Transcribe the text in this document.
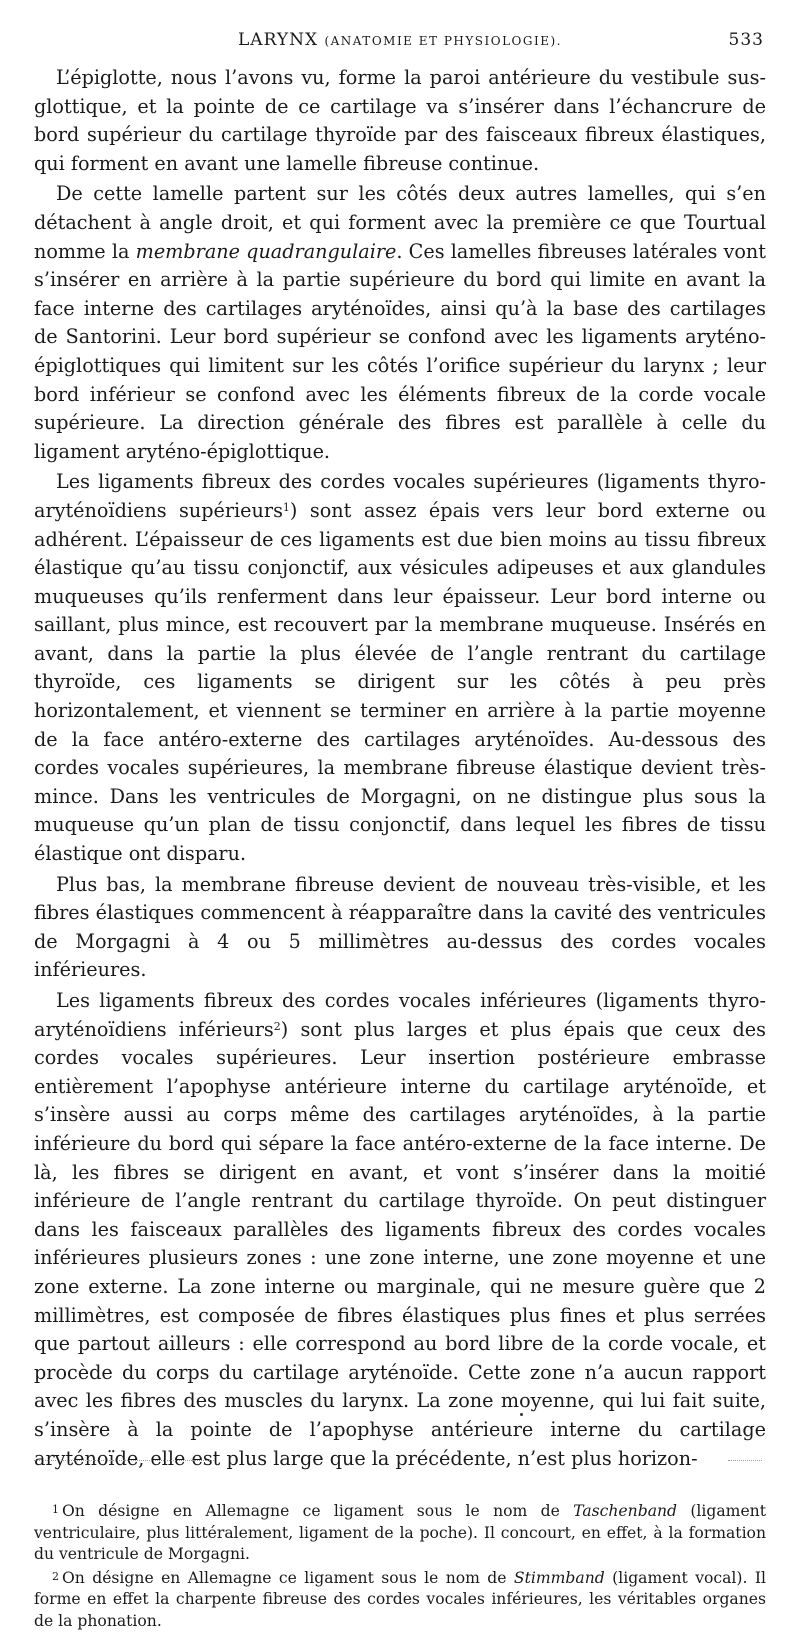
LARYNX (ANATOMIE ET PHYSIOLOGIE).	533

L’épiglotte, nous l’avons vu, forme la paroi antérieure du vestibule sus-glottique, et la pointe de ce cartilage va s’insérer dans l’échancrure de bord supérieur du cartilage thyroïde par des faisceaux fibreux élastiques, qui forment en avant une lamelle fibreuse continue.

De cette lamelle partent sur les côtés deux autres lamelles, qui s’en détachent à angle droit, et qui forment avec la première ce que Tourtual nomme la membrane quadrangulaire. Ces lamelles fibreuses latérales vont s’insérer en arrière à la partie supérieure du bord qui limite en avant la face interne des cartilages aryténoïdes, ainsi qu’à la base des cartilages de Santorini. Leur bord supérieur se confond avec les ligaments aryténo-épiglottiques qui limitent sur les côtés l’orifice supérieur du larynx ; leur bord inférieur se confond avec les éléments fibreux de la corde vocale supérieure. La direction générale des fibres est parallèle à celle du ligament aryténo-épiglottique.

Les ligaments fibreux des cordes vocales supérieures (ligaments thyro-aryténoïdiens supérieurs$^1$) sont assez épais vers leur bord externe ou adhérent. L’épaisseur de ces ligaments est due bien moins au tissu fibreux élastique qu’au tissu conjonctif, aux vésicules adipeuses et aux glandules muqueuses qu’ils renferment dans leur épaisseur. Leur bord interne ou saillant, plus mince, est recouvert par la membrane muqueuse. Insérés en avant, dans la partie la plus élevée de l’angle rentrant du cartilage thyroïde, ces ligaments se dirigent sur les côtés à peu près horizontalement, et viennent se terminer en arrière à la partie moyenne de la face antéro-externe des cartilages aryténoïdes. Au-dessous des cordes vocales supérieures, la membrane fibreuse élastique devient très-mince. Dans les ventricules de Morgagni, on ne distingue plus sous la muqueuse qu’un plan de tissu conjonctif, dans lequel les fibres de tissu élastique ont disparu.

Plus bas, la membrane fibreuse devient de nouveau très-visible, et les fibres élastiques commencent à réapparaître dans la cavité des ventricules de Morgagni à 4 ou 5 millimètres au-dessus des cordes vocales inférieures.

Les ligaments fibreux des cordes vocales inférieures (ligaments thyro-aryténoïdiens inférieurs$^2$) sont plus larges et plus épais que ceux des cordes vocales supérieures. Leur insertion postérieure embrasse entièrement l’apophyse antérieure interne du cartilage aryténoïde, et s’insère aussi au corps même des cartilages aryténoïdes, à la partie inférieure du bord qui sépare la face antéro-externe de la face interne. De là, les fibres se dirigent en avant, et vont s’insérer dans la moitié inférieure de l’angle rentrant du cartilage thyroïde. On peut distinguer dans les faisceaux parallèles des ligaments fibreux des cordes vocales inférieures plusieurs zones : une zone interne, une zone moyenne et une zone externe. La zone interne ou marginale, qui ne mesure guère que 2 millimètres, est composée de fibres élastiques plus fines et plus serrées que partout ailleurs : elle correspond au bord libre de la corde vocale, et procède du corps du cartilage aryténoïde. Cette zone n’a aucun rapport avec les fibres des muscles du larynx. La zone moyenne, qui lui fait suite, s’insère à la pointe de l’apophyse antérieure interne du cartilage aryténoïde, elle est plus large que la précédente, n’est plus horizon-

1 On désigne en Allemagne ce ligament sous le nom de Taschenband (ligament ventriculaire, plus littéralement, ligament de la poche). Il concourt, en effet, à la formation du ventricule de Morgagni.

2 On désigne en Allemagne ce ligament sous le nom de Stimmband (ligament vocal). Il forme en effet la charpente fibreuse des cordes vocales inférieures, les véritables organes de la phonation.
